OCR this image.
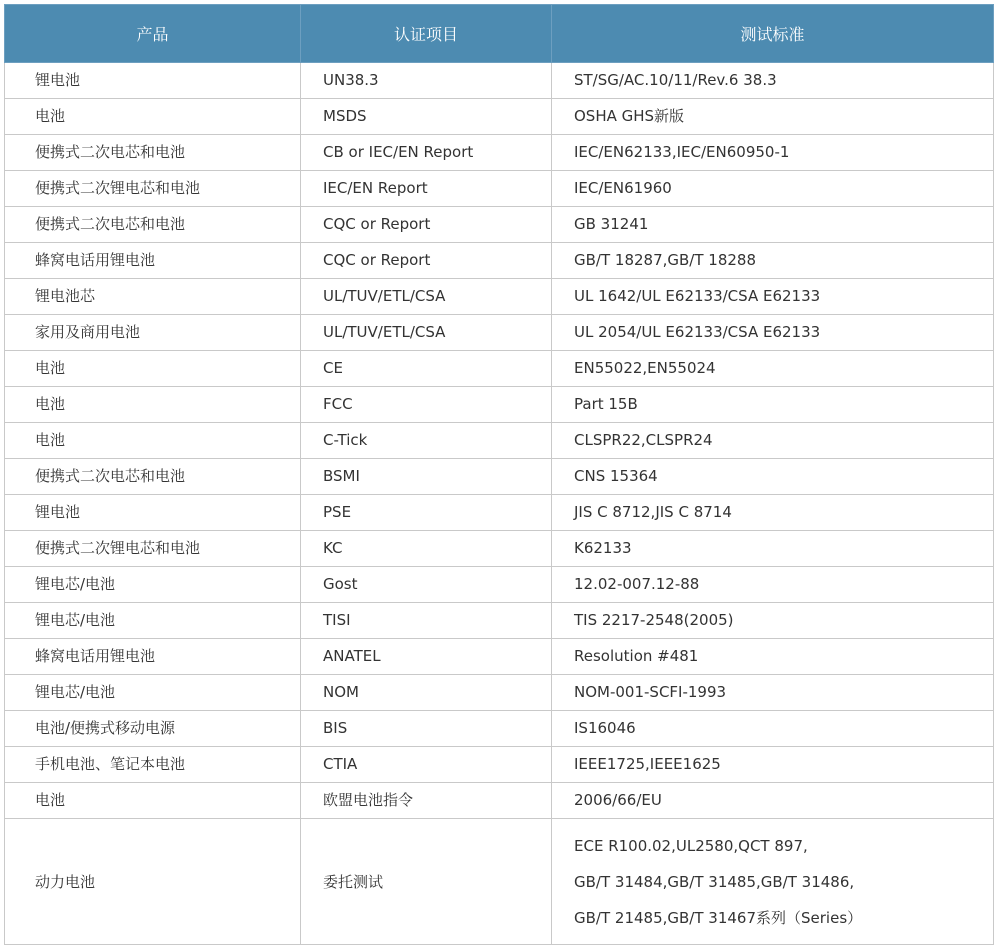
产品	认证项目	测试标准
锂电池	UN38.3	ST/SG/AC.10/11/Rev.6 38.3
电池	MSDS	OSHA GHS新版
便携式二次电芯和电池	CB or IEC/EN Report	IEC/EN62133,IEC/EN60950-1
便携式二次锂电芯和电池	IEC/EN Report	IEC/EN61960
便携式二次电芯和电池	CQC or Report	GB 31241
蜂窝电话用锂电池	CQC or Report	GB/T 18287,GB/T 18288
锂电池芯	UL/TUV/ETL/CSA	UL 1642/UL E62133/CSA E62133
家用及商用电池	UL/TUV/ETL/CSA	UL 2054/UL E62133/CSA E62133
电池	CE	EN55022,EN55024
电池	FCC	Part 15B
电池	C-Tick	CLSPR22,CLSPR24
便携式二次电芯和电池	BSMI	CNS 15364
锂电池	PSE	JIS C 8712,JIS C 8714
便携式二次锂电芯和电池	KC	K62133
锂电芯/电池	Gost	12.02-007.12-88
锂电芯/电池	TISI	TIS 2217-2548(2005)
蜂窝电话用锂电池	ANATEL	Resolution #481
锂电芯/电池	NOM	NOM-001-SCFI-1993
电池/便携式移动电源	BIS	IS16046
手机电池、笔记本电池	CTIA	IEEE1725,IEEE1625
电池	欧盟电池指令	2006/66/EU
动力电池	委托测试	ECE R100.02,UL2580,QCT 897,
GB/T 31484,GB/T 31485,GB/T 31486,
GB/T 21485,GB/T 31467系列（Series）
